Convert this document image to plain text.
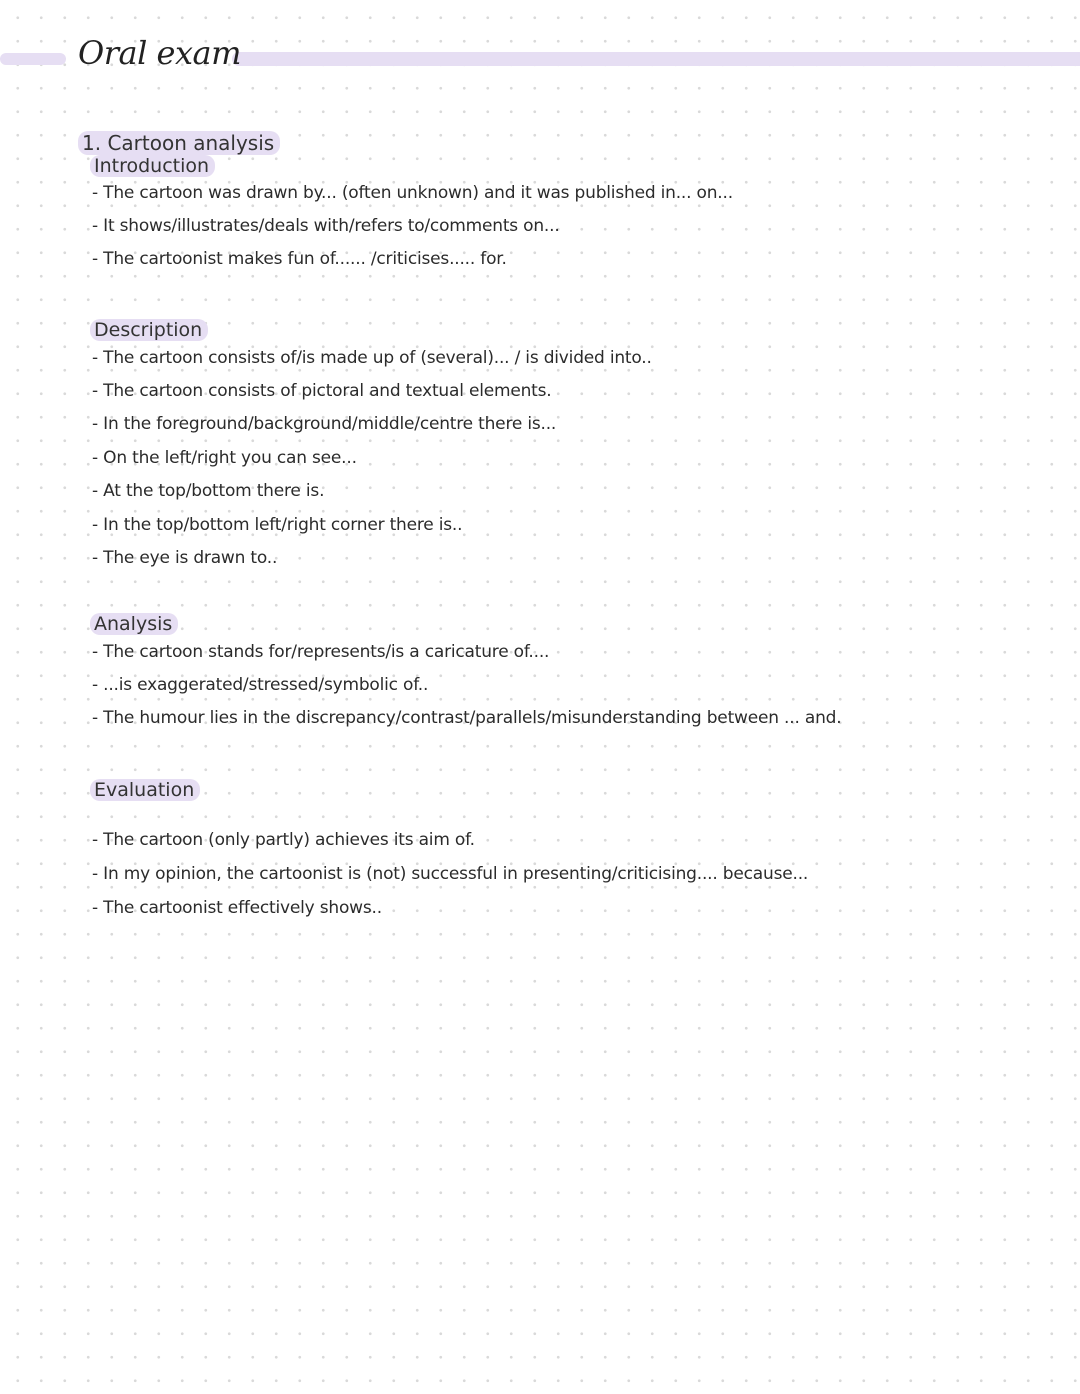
Oral exam
1. Cartoon analysis
Introduction

- The cartoon was drawn by... (often unknown) and it was published in... on...

- It shows/illustrates/deals with/refers to/comments on...

- The cartoonist makes fun of...... /criticises..... for.

Description

- The cartoon consists of/is made up of (several)... / is divided into..

- The cartoon consists of pictoral and textual elements.

- In the foreground/background/middle/centre there is...

- On the left/right you can see...

- At the top/bottom there is.

- In the top/bottom left/right corner there is..

- The eye is drawn to..

Analysis

- The cartoon stands for/represents/is a caricature of....

- ...is exaggerated/stressed/symbolic of..

- The humour lies in the discrepancy/contrast/parallels/misunderstanding between ... and.

Evaluation

- The cartoon (only partly) achieves its aim of.

- In my opinion, the cartoonist is (not) successful in presenting/criticising.... because...

- The cartoonist effectively shows..
